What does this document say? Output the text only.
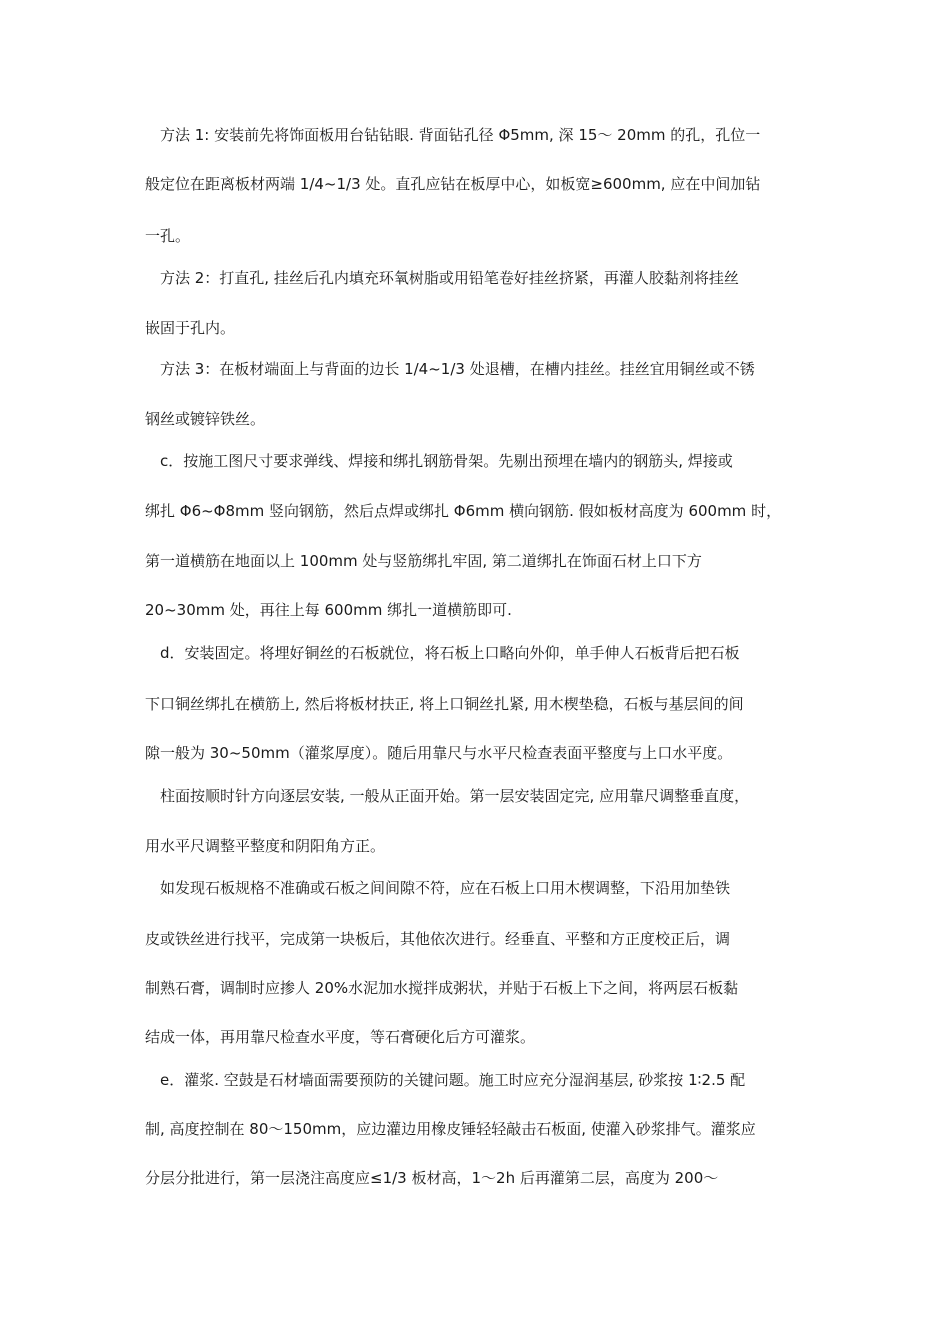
方法 1: 安装前先将饰面板用台钻钻眼. 背面钻孔径 Φ5mm, 深 15～ 20mm 的孔，孔位一
般定位在距离板材两端 1/4~1/3 处。直孔应钻在板厚中心，如板宽≥600mm, 应在中间加钻
一孔。
方法 2：打直孔, 挂丝后孔内填充环氧树脂或用铅笔卷好挂丝挤紧，再灌人胶黏剂将挂丝
嵌固于孔内。
方法 3：在板材端面上与背面的边长 1/4~1/3 处退槽，在槽内挂丝。挂丝宜用铜丝或不锈
钢丝或镀锌铁丝。
c．按施工图尺寸要求弹线、焊接和绑扎钢筋骨架。先剔出预埋在墙内的钢筋头, 焊接或
绑扎 Φ6~Φ8mm 竖向钢筋，然后点焊或绑扎 Φ6mm 横向钢筋. 假如板材高度为 600mm 时，
第一道横筋在地面以上 100mm 处与竖筋绑扎牢固, 第二道绑扎在饰面石材上口下方
20~30mm 处，再往上每 600mm 绑扎一道横筋即可.
d．安装固定。将埋好铜丝的石板就位，将石板上口略向外仰，单手伸人石板背后把石板
下口铜丝绑扎在横筋上, 然后将板材扶正, 将上口铜丝扎紧, 用木楔垫稳，石板与基层间的间
隙一般为 30~50mm（灌浆厚度）。随后用靠尺与水平尺检查表面平整度与上口水平度。
柱面按顺时针方向逐层安装, 一般从正面开始。第一层安装固定完, 应用靠尺调整垂直度，
用水平尺调整平整度和阴阳角方正。
如发现石板规格不准确或石板之间间隙不符，应在石板上口用木楔调整，下沿用加垫铁
皮或铁丝进行找平，完成第一块板后，其他依次进行。经垂直、平整和方正度校正后，调
制熟石膏，调制时应掺人 20%水泥加水搅拌成粥状，并贴于石板上下之间，将两层石板黏
结成一体，再用靠尺检查水平度，等石膏硬化后方可灌浆。
e．灌浆. 空鼓是石材墙面需要预防的关键问题。施工时应充分湿润基层, 砂浆按 1∶2.5 配
制, 高度控制在 80～150mm，应边灌边用橡皮锤轻轻敲击石板面, 使灌入砂浆排气。灌浆应
分层分批进行，第一层浇注高度应≤1/3 板材高，1～2h 后再灌第二层，高度为 200～
